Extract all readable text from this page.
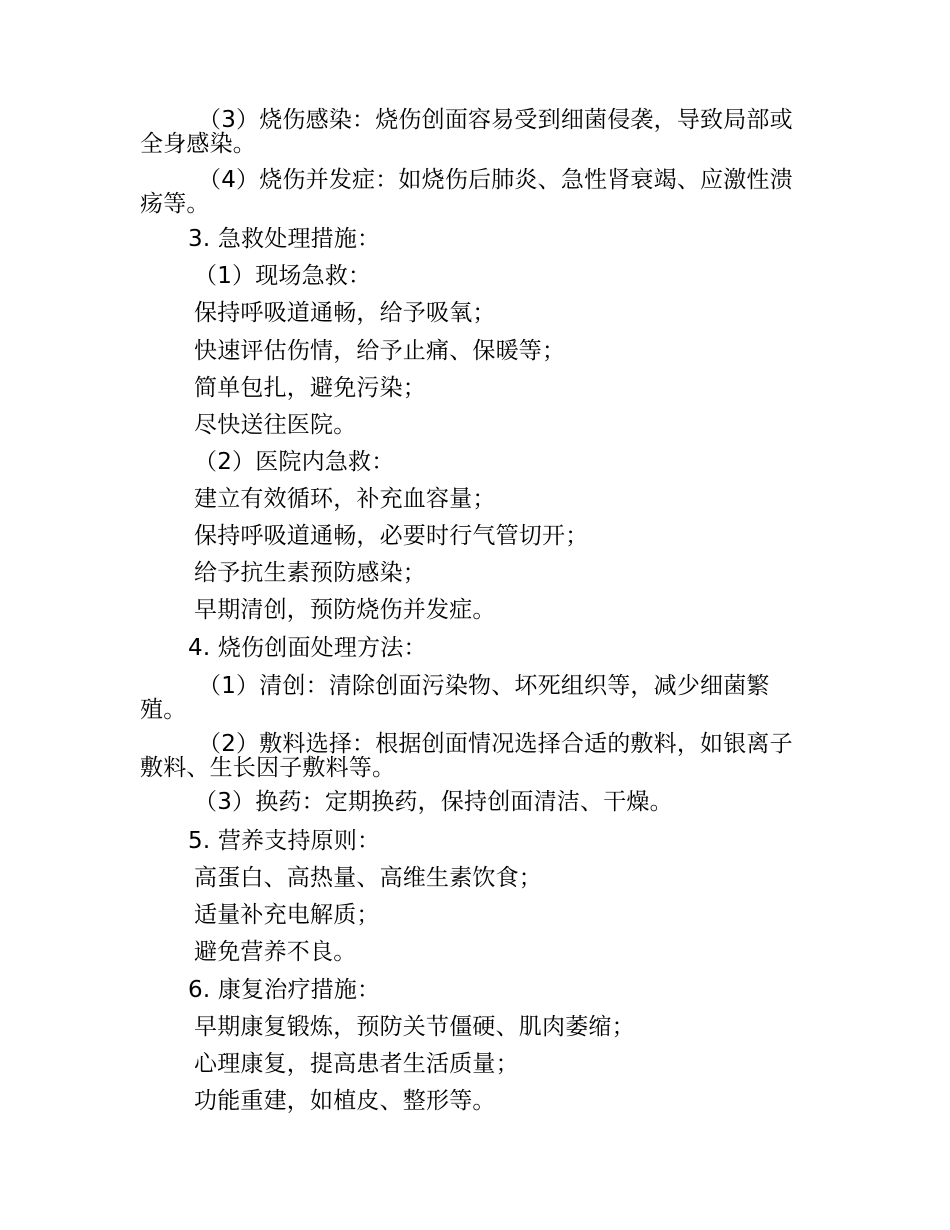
（3）烧伤感染：烧伤创面容易受到细菌侵袭，导致局部或全身感染。
（4）烧伤并发症：如烧伤后肺炎、急性肾衰竭、应激性溃疡等。
3. 急救处理措施：
（1）现场急救：
保持呼吸道通畅，给予吸氧；
快速评估伤情，给予止痛、保暖等；
简单包扎，避免污染；
尽快送往医院。
（2）医院内急救：
建立有效循环，补充血容量；
保持呼吸道通畅，必要时行气管切开；
给予抗生素预防感染；
早期清创，预防烧伤并发症。
4. 烧伤创面处理方法：
（1）清创：清除创面污染物、坏死组织等，减少细菌繁殖。
（2）敷料选择：根据创面情况选择合适的敷料，如银离子敷料、生长因子敷料等。
（3）换药：定期换药，保持创面清洁、干燥。
5. 营养支持原则：
高蛋白、高热量、高维生素饮食；
适量补充电解质；
避免营养不良。
6. 康复治疗措施：
早期康复锻炼，预防关节僵硬、肌肉萎缩；
心理康复，提高患者生活质量；
功能重建，如植皮、整形等。
